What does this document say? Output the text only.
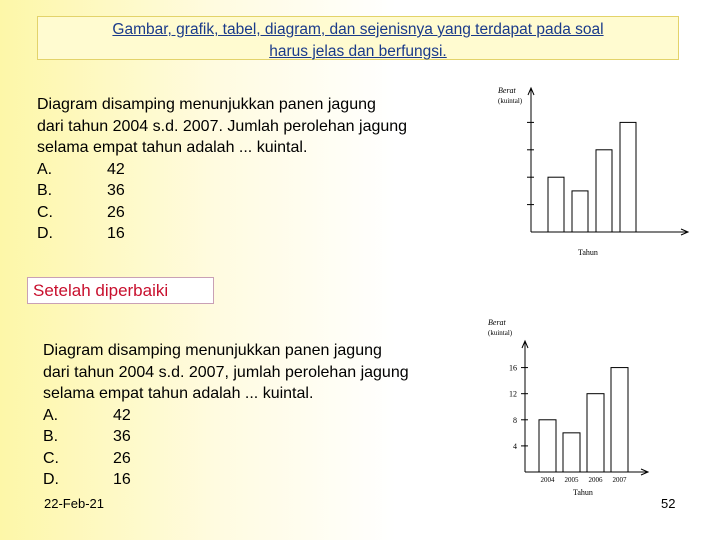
Gambar, grafik, tabel, diagram, dan sejenisnya yang terdapat pada soal
harus jelas dan berfungsi.
Diagram disamping menunjukkan panen jagung
dari tahun 2004 s.d. 2007. Jumlah perolehan jagung
selama empat tahun adalah ... kuintal.
A.	42
B.	36
C.	26
D.	16
Berat
(kuintal)
Tahun
Setelah diperbaiki
Diagram disamping menunjukkan panen jagung
dari tahun 2004 s.d. 2007, jumlah perolehan jagung
selama empat tahun adalah ... kuintal.
A.	42
B.	36
C.	26
D.	16
Berat
(kuintal)
4
8
12
16
2004 2005 2006 2007
Tahun
22-Feb-21	52
